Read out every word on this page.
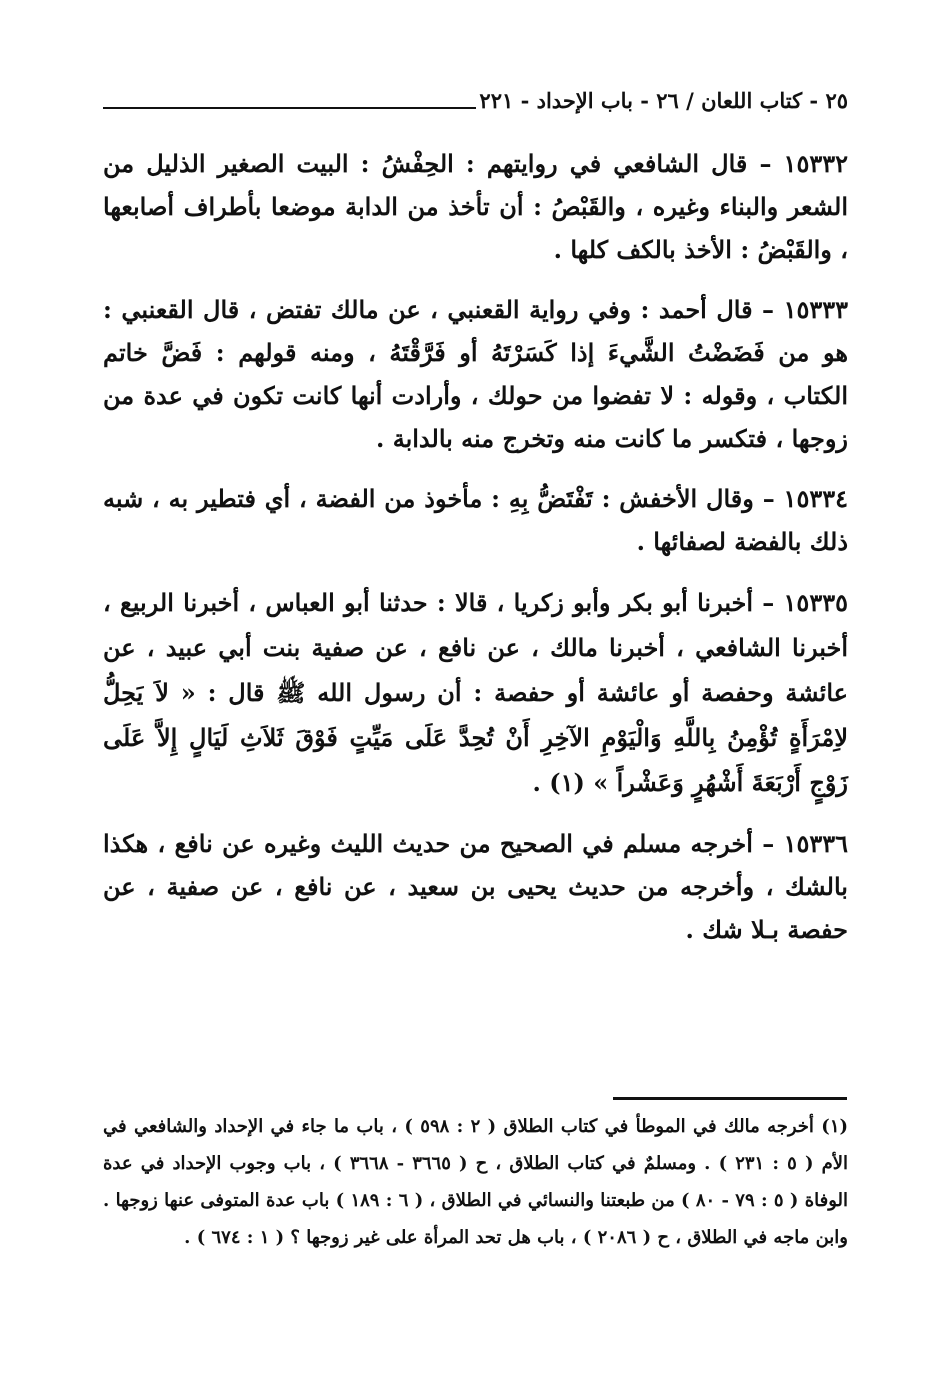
٢٥ - كتاب اللعان / ٢٦ - باب الإحداد - ٢٢١

١٥٣٣٢ – قال الشافعي في روايتهم : الحِفْشُ : البيت الصغير الذليل من الشعر والبناء وغيره ، والقَبْصُ : أن تأخذ من الدابة موضعا بأطراف أصابعها ، والقَبْضُ : الأخذ بالكف كلها .

١٥٣٣٣ – قال أحمد : وفي رواية القعنبي ، عن مالك تفتض ، قال القعنبي : هو من فَضَضْتُ الشَّيءَ إذا كَسَرْتَهُ أو فَرَّقْتَهُ ، ومنه قولهم : فَضَّ خاتم الكتاب ، وقوله : لا تفضوا من حولك ، وأرادت أنها كانت تكون في عدة من زوجها ، فتكسر ما كانت منه وتخرج منه بالدابة .

١٥٣٣٤ – وقال الأخفش : تَفْتَضُّ بِهِ : مأخوذ من الفضة ، أي فتطير به ، شبه ذلك بالفضة لصفائها .

١٥٣٣٥ – أخبرنا أبو بكر وأبو زكريا ، قالا : حدثنا أبو العباس ، أخبرنا الربيع ، أخبرنا الشافعي ، أخبرنا مالك ، عن نافع ، عن صفية بنت أبي عبيد ، عن عائشة وحفصة أو عائشة أو حفصة : أن رسول الله ﷺ قال : « لاَ يَحِلُّ لاِمْرَأَةٍ تُؤْمِنُ بِاللَّهِ وَالْيَوْمِ الآخِرِ أَنْ تُحِدَّ عَلَى مَيِّتٍ فَوْقَ ثَلاَثِ لَيَالٍ إِلاَّ عَلَى زَوْجٍ أَرْبَعَةَ أَشْهُرٍ وَعَشْراً » (١) .

١٥٣٣٦ – أخرجه مسلم في الصحيح من حديث الليث وغيره عن نافع ، هكذا بالشك ، وأخرجه من حديث يحيى بن سعيد ، عن نافع ، عن صفية ، عن حفصة بـلا شك .

(١) أخرجه مالك في الموطأ في كتاب الطلاق ( ٢ : ٥٩٨ ) ، باب ما جاء في الإحداد والشافعي في الأم ( ٥ : ٢٣١ ) . ومسلمٌ في كتاب الطلاق ، ح ( ٣٦٦٥ - ٣٦٦٨ ) ، باب وجوب الإحداد في عدة الوفاة ( ٥ : ٧٩ - ٨٠ ) من طبعتنا والنسائي في الطلاق ، ( ٦ : ١٨٩ ) باب عدة المتوفى عنها زوجها . وابن ماجه في الطلاق ، ح ( ٢٠٨٦ ) ، باب هل تحد المرأة على غير زوجها ؟ ( ١ : ٦٧٤ ) .
